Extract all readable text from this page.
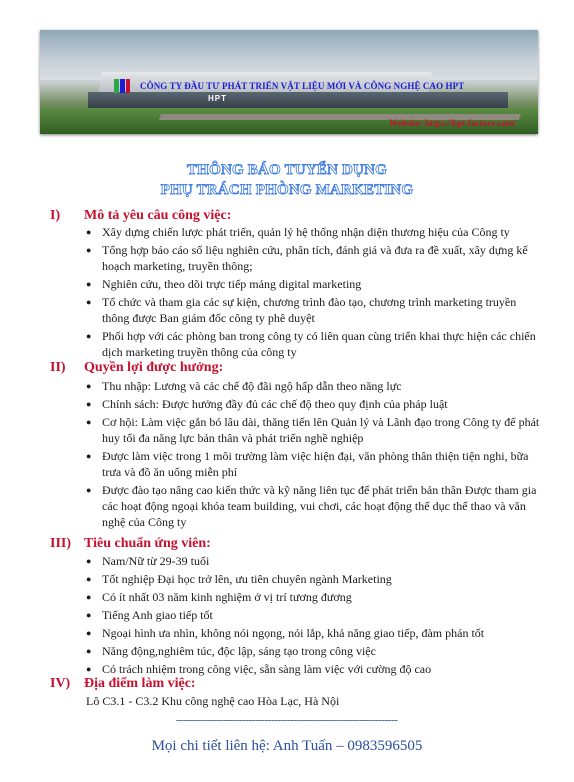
HPT
CÔNG TY ĐẦU TƯ PHÁT TRIỂN VẬT LIỆU MỚI VÀ CÔNG NGHỆ CAO HPT
Website: https://hpt-factory.com/
THÔNG BÁO TUYỂN DỤNG
PHỤ TRÁCH PHÒNG MARKETING
I) Mô tả yêu câu công việc:
● Xây dựng chiến lược phát triển, quản lý hệ thống nhận diện thương hiệu của Công ty
● Tổng hợp báo cáo số liệu nghiên cứu, phân tích, đánh giá và đưa ra đề xuất, xây dựng kế hoạch marketing, truyền thông;
● Nghiên cứu, theo dõi trực tiếp mảng digital marketing
● Tổ chức và tham gia các sự kiện, chương trình đào tạo, chương trình marketing truyền thông được Ban giám đốc công ty phê duyệt
● Phối hợp với các phòng ban trong công ty có liên quan cùng triển khai thực hiện các chiến dịch marketing truyền thông của công ty
II) Quyền lợi được hưởng:
● Thu nhập: Lương và các chế độ đãi ngộ hấp dẫn theo năng lực
● Chính sách: Được hưởng đầy đủ các chế độ theo quy định của pháp luật
● Cơ hội: Làm việc gắn bó lâu dài, thăng tiến lên Quản lý và Lãnh đạo trong Công ty để phát huy tối đa năng lực bản thân và phát triển nghề nghiệp
● Được làm việc trong 1 môi trường làm việc hiện đại, văn phòng thân thiện tiện nghi, bữa trưa và đồ ăn uống miễn phí
● Được đào tạo nâng cao kiến thức và kỹ năng liên tục để phát triển bản thân Được tham gia các hoạt động ngoại khóa team building, vui chơi, các hoạt động thể dục thể thao và văn nghệ của Công ty
III) Tiêu chuẩn ứng viên:
● Nam/Nữ từ 29-39 tuổi
● Tốt nghiệp Đại học trở lên, ưu tiên chuyên ngành Marketing
● Có ít nhất 03 năm kinh nghiệm ở vị trí tương đương
● Tiếng Anh giao tiếp tốt
● Ngoại hình ưa nhìn, không nói ngọng, nói lắp, khả năng giao tiếp, đàm phán tốt
● Năng động,nghiêm túc, độc lập, sáng tạo trong công việc
● Có trách nhiệm trong công việc, sẵn sàng làm việc với cường độ cao
IV) Địa điểm làm việc:
Lô C3.1 - C3.2 Khu công nghệ cao Hòa Lạc, Hà Nội
----------------------------------------------------------------------
Mọi chi tiết liên hệ: Anh Tuấn – 0983596505
